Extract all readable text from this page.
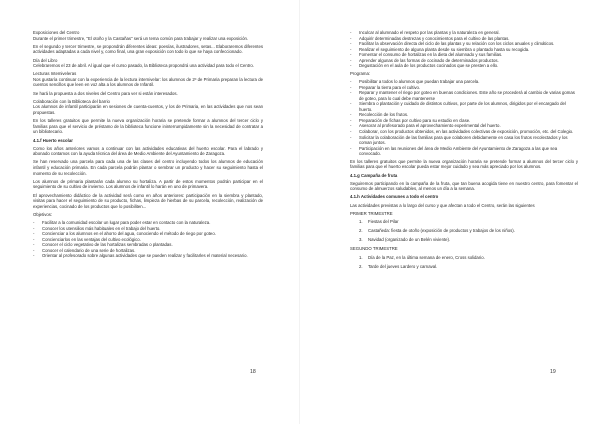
Exposiciones del Centro
Durante el primer trimestre, "El otoño y la Castañas" será un tema común para trabajar y realizar una exposición.

En el segundo y tercer trimestre, se propondrán diferentes ideas: poesías, ilustradores, setas... Elaboraremos diferentes actividades adaptadas a cada nivel y, como final, una gran exposición con todo lo que se haya confeccionado.

Día del Libro
Celebraremos el 23 de abril. Al igual que el curso pasado, la Biblioteca propondrá una actividad para todo el Centro.
Lecturas Intemiveleras
Nos gustaría continuar con la experiencia de la lectura internivelar: los alumnos de 2º de Primaria preparan la lectura de cuentos sencillos que leen en voz alta a los alumnos de Infantil.

Se hará la propuesta a dos niveles del Centro para ver si están interesados.

Colaboración con la Biblioteca del barrio
Los alumnos de infantil participarán en sesiones de cuenta-cuentos, y los de Primaria, en las actividades que nos sean propuestas.

En los talleres gratuitos que permite la nueva organización horaria se pretende formar a alumnos del tercer ciclo y familias para que el servicio de préstamo de la biblioteca funcione ininterrumpidamente sin la necesidad de contratar a un bibliotecario.

4.1.f Huerto escolar

Como los años anteriores vamos a continuar con las actividades educativas del huerto escolar. Para el labrado y abonado contamos con la ayuda técnica del área de Medio Ambiente del Ayuntamiento de Zaragoza.

Se han reservado una parcela para cada una de las clases del centro incluyendo todos los alumnos de educación infantil y educación primaria. En cada parcela podrán plantar o sembrar un producto y hacer su seguimiento hasta el momento de su recolección.

Los alumnos de primaria plantarán cada alumno su hortaliza. A partir de estos momentos podrán participar en el seguimiento de su cultivo de invierno. Los alumnos de infantil lo harán en uno de primavera.

El aprovechamiento didáctico de la actividad será como en años anteriores: participación en la siembra y plantado, visitas para hacer el seguimiento de su producto, fichas, limpieza de hierbas de su parcela, recolección, realización de experiencias, cocinado de los productos que lo posibiliten...

Objetivos:
- Facilitar a la comunidad escolar un lugar para poder estar en contacto con la naturaleza.
- Conocer los utensilios más habituales en el trabajo del huerto.
- Concienciar a los alumnos en el ahorro del agua, conociendo el método de riego por goteo.
- Concienciarlos en las ventajas del cultivo ecológico.
- Conocer el ciclo vegetativo de las hortalizas sembradas o plantadas.
- Conocer el calendario de una serie de hortalizas.
- Orientar al profesorado sobre algunas actividades que se pueden realizar y facilitarles el material necesario.
18
- Inculcar al alumnado el respeto por las plantas y la naturaleza en general.
- Adquirir determinadas destrezas y conocimientos para el cultivo de las plantas.
- Facilitar la observación directa del ciclo de las plantas y su relación con los ciclos anuales y climáticos.
- Realizar el seguimiento de alguna planta desde su siembra o plantado hasta su recogida.
- Fomentar el consumo de hortalizas en la dieta del alumnado y sus familias.
- Aprender algunas de las formas de cocinado de determinados productos.
- Degustación en el aula de los productos cocinados que se presten a ello.
Programa:
- Posibilitar a todos lo alumnos que puedan trabajar una parcela.
- Preparar la tierra para el cultivo.
- Reparar y mantener el riego por goteo en buenas condiciones. Este año se procederá al cambio de varias gomas de goteo, para lo cual debe mantenerse
- Siembra o plantación y cuidado de distintos cultivos, por parte de los alumnos, dirigidos por el encargado del huerto.
- Recolección de los frutos.
- Preparación de fichas por cultivo para su estudio en clase.
- Asesorar al profesorado para el aprovechamiento experimental del huerto.
- Colaborar, con los productos obtenidos, en las actividades colectivas de exposición, promoción, etc. del Colegio.
- Solicitar la colaboración de las familias para que colaboren debidamente en casa los frutos recolectados y los coman juntos.
- Participación en las reuniones del área de Medio Ambiente del Ayuntamiento de Zaragoza a las que sea convocado.

En los talleres gratuitos que permite la nueva organización horaria se pretende formar a alumnos del tercer ciclo y familias para que el huerto escolar pueda estar mejor cuidado y sea más apreciado por los alumnos.

4.1.g Campaña de fruta

Seguiremos participando en la campaña de la fruta, que tan buena acogida tiene en nuestro centro, para fomentar el consumo de almuerzos saludables, al menos un día a la semana.

4.1.h Actividades comunes a todo el centro

Las actividades previstas a lo largo del curso y que afectan a todo el Centro, serán las siguientes

PRIMER TRIMESTRE
1. Fiestas del Pilar
2. Castañeda: fiesta de otoño (exposición de productos y trabajos de los niños).
3. Navidad (organizado de un Belén viviente).
SEGUNDO TRIMESTRE
1. Día de la Paz, en la última semana de enero, Cross solidario.
2. Tarde del jueves Lardero y carnaval.
19
